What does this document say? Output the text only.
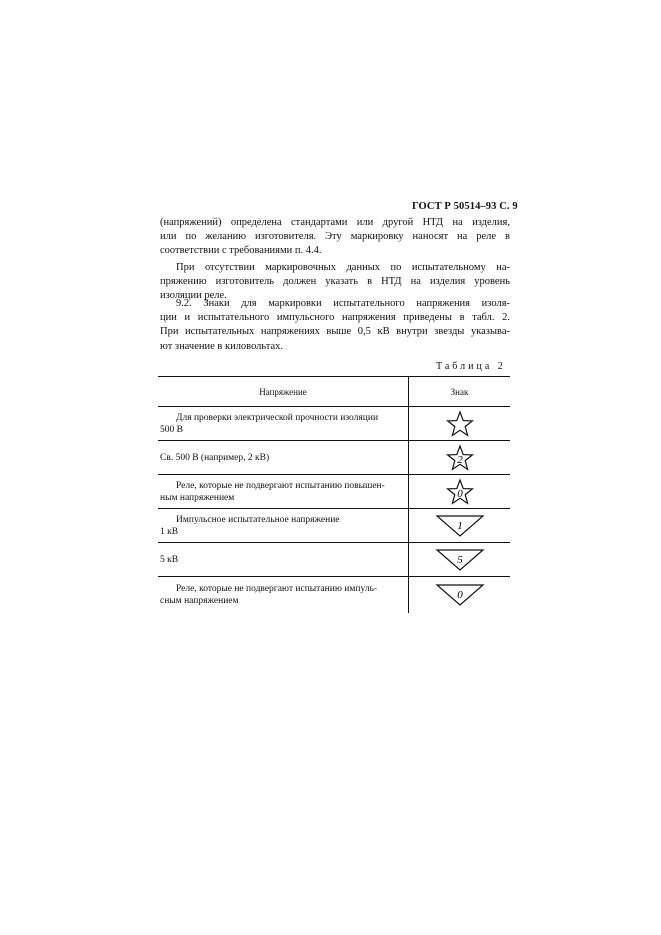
ГОСТ Р 50514–93 С. 9
(напряжений) определена стандартами или другой НТД на изделия,
или по желанию изготовителя. Эту маркировку наносят на реле в
соответствии с требованиями п. 4.4.
При отсутствии маркировочных данных по испытательному на-
пряжению изготовитель должен указать в НТД на изделия уровень
изоляции реле.
9.2. Знаки для маркировки испытательного напряжения изоля-
ции и испытательного импульсного напряжения приведены в табл. 2.
При испытательных напряжениях выше 0,5 кВ внутри звезды указыва-
ют значение в киловольтах.
Таблица 2
Напряжение	Знак
Для проверки электрической прочности изоляции
500 В	

Св. 500 В (например, 2 кВ)	2

Реле, которые не подвергают испытанию повышен-
ным напряжением	0

Импульсное испытательное напряжение
1 кВ	1

5 кВ	5

Реле, которые не подвергают испытанию импуль-
сным напряжением	0
